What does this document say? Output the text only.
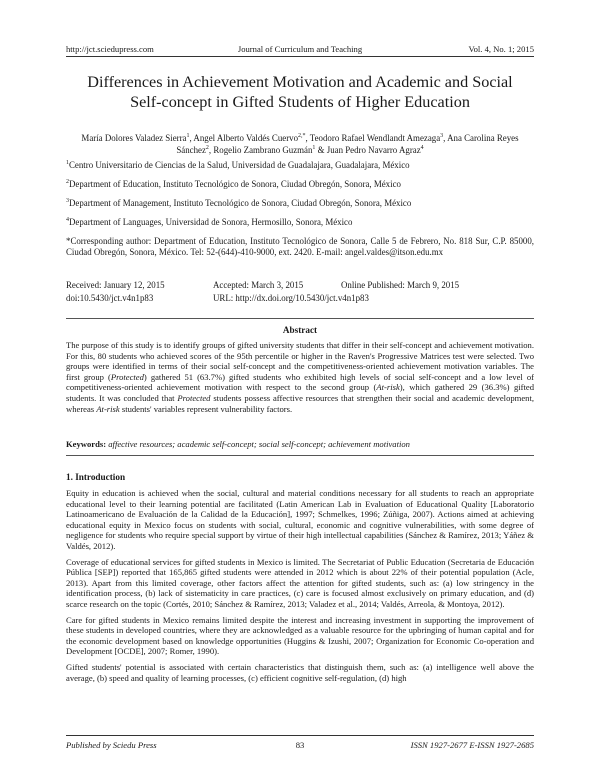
http://jct.sciedupress.com	Journal of Curriculum and Teaching	Vol. 4, No. 1; 2015
Differences in Achievement Motivation and Academic and Social
Self-concept in Gifted Students of Higher Education
María Dolores Valadez Sierra$^1$, Angel Alberto Valdés Cuervo$^{2,*}$, Teodoro Rafael Wendlandt Amezaga$^3$, Ana Carolina Reyes Sánchez$^2$, Rogelio Zambrano Guzmán$^1$ & Juan Pedro Navarro Agraz$^4$

$^1$Centro Universitario de Ciencias de la Salud, Universidad de Guadalajara, Guadalajara, México

$^2$Department of Education, Instituto Tecnológico de Sonora, Ciudad Obregón, Sonora, México

$^3$Department of Management, Instituto Tecnológico de Sonora, Ciudad Obregón, Sonora, México

$^4$Department of Languages, Universidad de Sonora, Hermosillo, Sonora, México

*Corresponding author: Department of Education, Instituto Tecnológico de Sonora, Calle 5 de Febrero, No. 818 Sur, C.P. 85000, Ciudad Obregón, Sonora, México. Tel: 52-(644)-410-9000, ext. 2420. E-mail: angel.valdes@itson.edu.mx

Received: January 12, 2015	Accepted: March 3, 2015	Online Published: March 9, 2015
doi:10.5430/jct.v4n1p83	URL: http://dx.doi.org/10.5430/jct.v4n1p83
Abstract
The purpose of this study is to identify groups of gifted university students that differ in their self-concept and achievement motivation. For this, 80 students who achieved scores of the 95th percentile or higher in the Raven's Progressive Matrices test were selected. Two groups were identified in terms of their social self-concept and the competitiveness-oriented achievement motivation variables. The first group (Protected) gathered 51 (63.7%) gifted students who exhibited high levels of social self-concept and a low level of competitiveness-oriented achievement motivation with respect to the second group (At-risk), which gathered 29 (36.3%) gifted students. It was concluded that Protected students possess affective resources that strengthen their social and academic development, whereas At-risk students' variables represent vulnerability factors.
Keywords: affective resources; academic self-concept; social self-concept; achievement motivation
1. Introduction

Equity in education is achieved when the social, cultural and material conditions necessary for all students to reach an appropriate educational level to their learning potential are facilitated (Latin American Lab in Evaluation of Educational Quality [Laboratorio Latinoamericano de Evaluación de la Calidad de la Educación], 1997; Schmelkes, 1996; Zúñiga, 2007). Actions aimed at achieving educational equity in Mexico focus on students with social, cultural, economic and cognitive vulnerabilities, with some degree of negligence for students who require special support by virtue of their high intellectual capabilities (Sánchez & Ramírez, 2013; Yáñez & Valdés, 2012).

Coverage of educational services for gifted students in Mexico is limited. The Secretariat of Public Education (Secretaria de Educación Pública [SEP]) reported that 165,865 gifted students were attended in 2012 which is about 22% of their potential population (Acle, 2013). Apart from this limited coverage, other factors affect the attention for gifted students, such as: (a) low stringency in the identification process, (b) lack of sistematicity in care practices, (c) care is focused almost exclusively on primary education, and (d) scarce research on the topic (Cortés, 2010; Sánchez & Ramírez, 2013; Valadez et al., 2014; Valdés, Arreola, & Montoya, 2012).

Care for gifted students in Mexico remains limited despite the interest and increasing investment in supporting the improvement of these students in developed countries, where they are acknowledged as a valuable resource for the upbringing of human capital and for the economic development based on knowledge opportunities (Huggins & Izushi, 2007; Organization for Economic Co-operation and Development [OCDE], 2007; Romer, 1990).

Gifted students' potential is associated with certain characteristics that distinguish them, such as: (a) intelligence well above the average, (b) speed and quality of learning processes, (c) efficient cognitive self-regulation, (d) high

Published by Sciedu Press	83	ISSN 1927-2677 E-ISSN 1927-2685
